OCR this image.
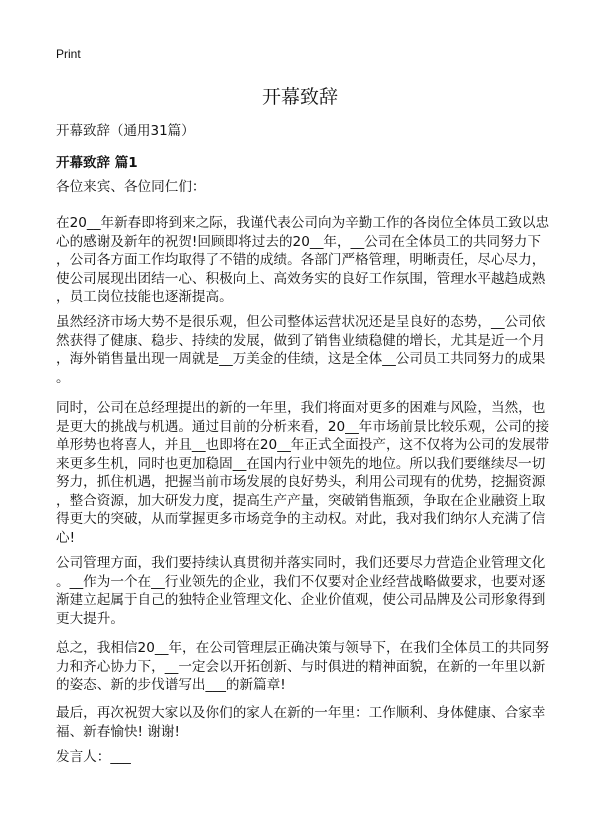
Print
开幕致辞
开幕致辞（通用31篇）
开幕致辞 篇1
各位来宾、各位同仁们：
在20__年新春即将到来之际，我谨代表公司向为辛勤工作的各岗位全体员工致以忠
心的感谢及新年的祝贺!回顾即将过去的20__年，__公司在全体员工的共同努力下
，公司各方面工作均取得了不错的成绩。各部门严格管理，明晰责任，尽心尽力，
使公司展现出团结一心、积极向上、高效务实的良好工作氛围，管理水平越趋成熟
，员工岗位技能也逐渐提高。
虽然经济市场大势不是很乐观，但公司整体运营状况还是呈良好的态势，__公司依
然获得了健康、稳步、持续的发展，做到了销售业绩稳健的增长，尤其是近一个月
，海外销售量出现一周就是__万美金的佳绩，这是全体__公司员工共同努力的成果
。
同时，公司在总经理提出的新的一年里，我们将面对更多的困难与风险，当然，也
是更大的挑战与机遇。通过目前的分析来看，20__年市场前景比较乐观，公司的接
单形势也将喜人，并且__也即将在20__年正式全面投产，这不仅将为公司的发展带
来更多生机，同时也更加稳固__在国内行业中领先的地位。所以我们要继续尽一切
努力，抓住机遇，把握当前市场发展的良好势头，利用公司现有的优势，挖掘资源
，整合资源，加大研发力度，提高生产产量，突破销售瓶颈，争取在企业融资上取
得更大的突破，从而掌握更多市场竞争的主动权。对此，我对我们纳尔人充满了信
心!
公司管理方面，我们要持续认真贯彻并落实同时，我们还要尽力营造企业管理文化
。__作为一个在__行业领先的企业，我们不仅要对企业经营战略做要求，也要对逐
渐建立起属于自己的独特企业管理文化、企业价值观，使公司品牌及公司形象得到
更大提升。
总之，我相信20__年，在公司管理层正确决策与领导下，在我们全体员工的共同努
力和齐心协力下，__一定会以开拓创新、与时俱进的精神面貌，在新的一年里以新
的姿态、新的步伐谱写出___的新篇章!
最后，再次祝贺大家以及你们的家人在新的一年里：工作顺利、身体健康、合家幸
福、新春愉快! 谢谢!
发言人：___
